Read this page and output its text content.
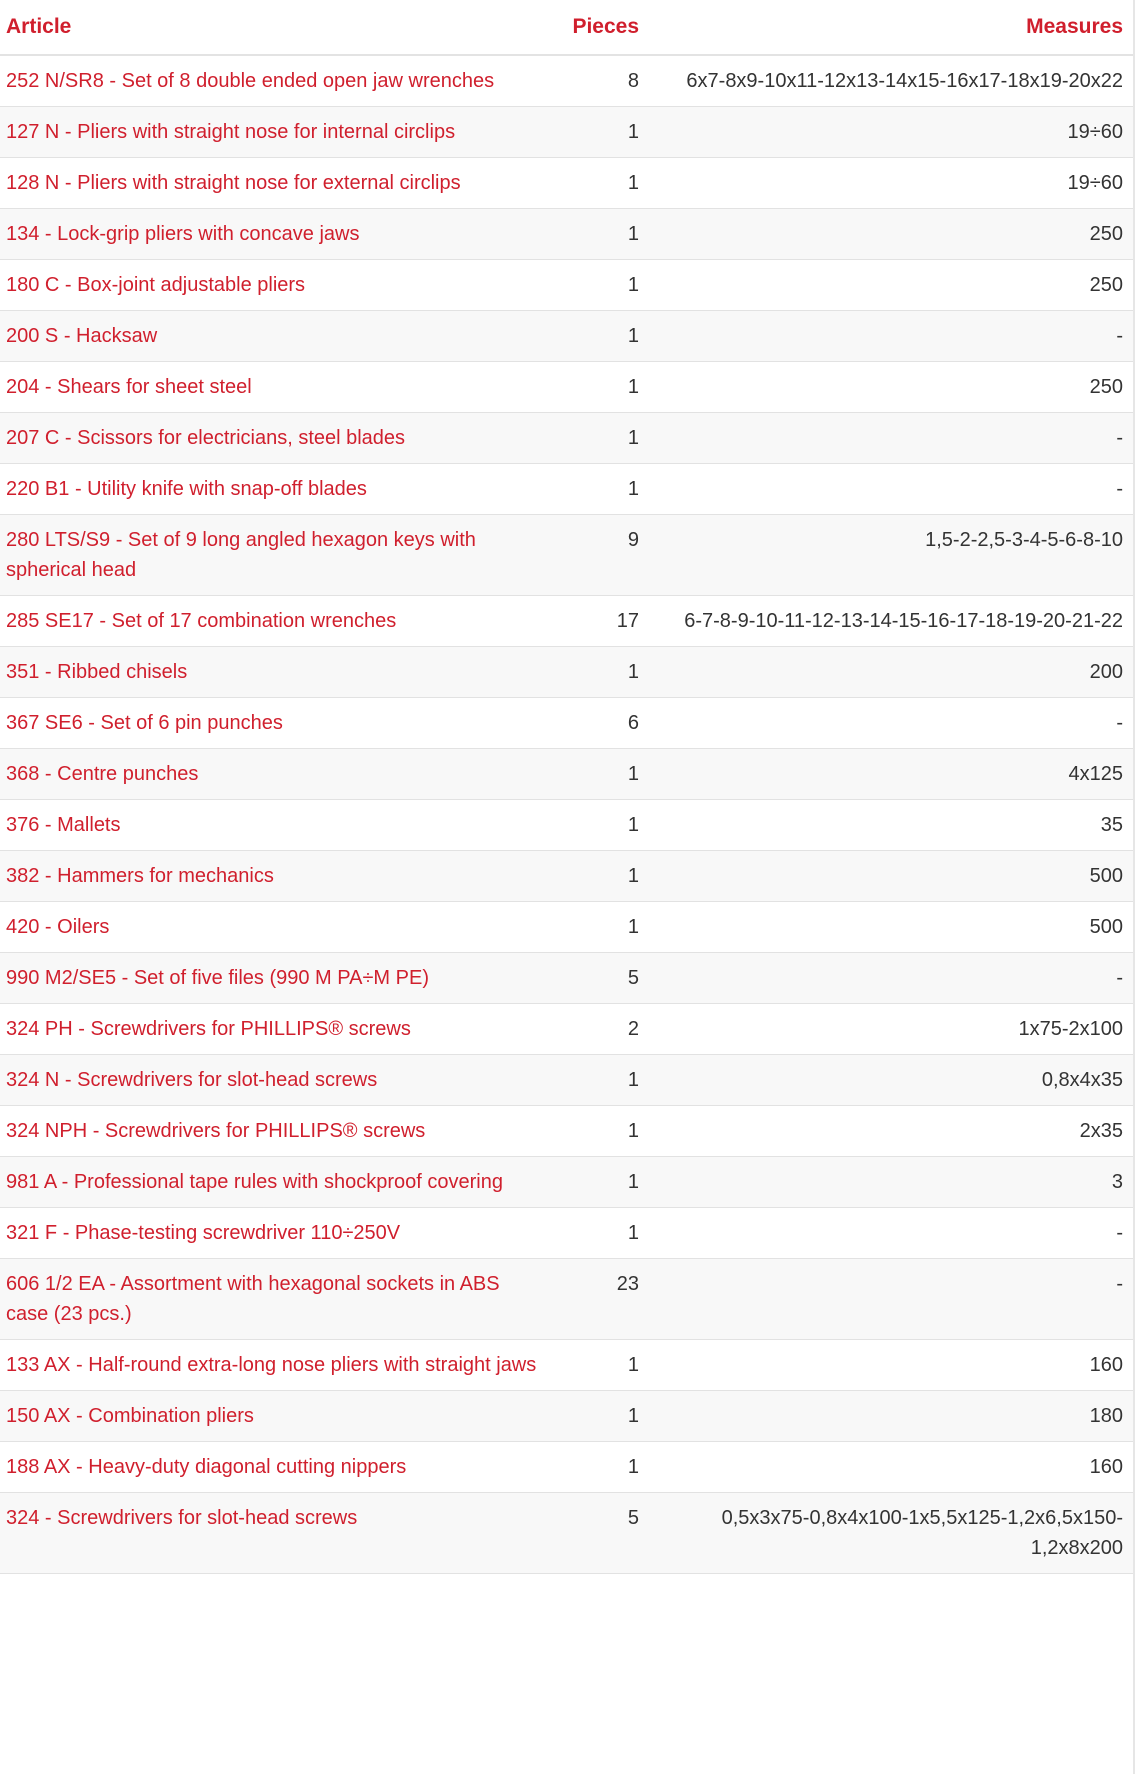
Article	Pieces	Measures
252 N/SR8 - Set of 8 double ended open jaw wrenches	8	6x7-8x9-10x11-12x13-14x15-16x17-18x19-20x22
127 N - Pliers with straight nose for internal circlips	1	19÷60
128 N - Pliers with straight nose for external circlips	1	19÷60
134 - Lock-grip pliers with concave jaws	1	250
180 C - Box-joint adjustable pliers	1	250
200 S - Hacksaw	1	-
204 - Shears for sheet steel	1	250
207 C - Scissors for electricians, steel blades	1	-
220 B1 - Utility knife with snap-off blades	1	-
280 LTS/S9 - Set of 9 long angled hexagon keys with spherical head	9	1,5-2-2,5-3-4-5-6-8-10
285 SE17 - Set of 17 combination wrenches	17	6-7-8-9-10-11-12-13-14-15-16-17-18-19-20-21-22
351 - Ribbed chisels	1	200
367 SE6 - Set of 6 pin punches	6	-
368 - Centre punches	1	4x125
376 - Mallets	1	35
382 - Hammers for mechanics	1	500
420 - Oilers	1	500
990 M2/SE5 - Set of five files (990 M PA÷M PE)	5	-
324 PH - Screwdrivers for PHILLIPS® screws	2	1x75-2x100
324 N - Screwdrivers for slot-head screws	1	0,8x4x35
324 NPH - Screwdrivers for PHILLIPS® screws	1	2x35
981 A - Professional tape rules with shockproof covering	1	3
321 F - Phase-testing screwdriver 110÷250V	1	-
606 1/2 EA - Assortment with hexagonal sockets in ABS case (23 pcs.)	23	-
133 AX - Half-round extra-long nose pliers with straight jaws	1	160
150 AX - Combination pliers	1	180
188 AX - Heavy-duty diagonal cutting nippers	1	160
324 - Screwdrivers for slot-head screws	5	0,5x3x75-0,8x4x100-1x5,5x125-1,2x6,5x150-1,2x8x200
